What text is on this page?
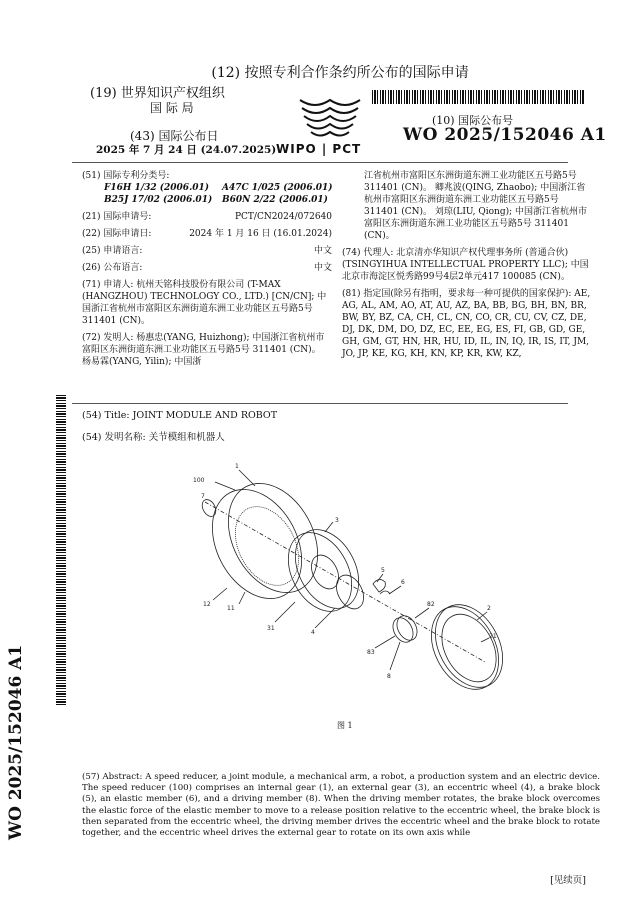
(12) 按照专利合作条约所公布的国际申请
(19) 世界知识产权组织
国 际 局
WIPO | PCT
(10) 国际公布号
WO 2025/152046 A1
(43) 国际公布日
2025 年 7 月 24 日 (24.07.2025)
(51) 国际专利分类号:
F16H 1/32 (2006.01)	A47C 1/025 (2006.01)
B25J 17/02 (2006.01)	B60N 2/22 (2006.01)
(21) 国际申请号:	PCT/CN2024/072640
(22) 国际申请日:	2024 年 1 月 16 日 (16.01.2024)
(25) 申请语言:	中文
(26) 公布语言:	中文
(71) 申请人: 杭州天铭科技股份有限公司 (T-MAX (HANGZHOU) TECHNOLOGY CO., LTD.) [CN/CN]; 中国浙江省杭州市富阳区东洲街道东洲工业功能区五号路5号 311401 (CN)。
(72) 发明人: 杨惠忠(YANG, Huizhong); 中国浙江省杭州市富阳区东洲街道东洲工业功能区五号路5号 311401 (CN)。 杨易霖(YANG, Yilin); 中国浙
江省杭州市富阳区东洲街道东洲工业功能区五号路5号 311401 (CN)。 卿兆波(QING, Zhaobo); 中国浙江省杭州市富阳区东洲街道东洲工业功能区五号路5号 311401 (CN)。 刘琼(LIU, Qiong); 中国浙江省杭州市富阳区东洲街道东洲工业功能区五号路5号 311401 (CN)。
(74) 代理人: 北京清亦华知识产权代理事务所 (普通合伙) (TSINGYIHUA INTELLECTUAL PROPERTY LLC); 中国北京市海淀区悦秀路99号4层2单元417 100085 (CN)。
(81) 指定国(除另有指明，要求每一种可提供的国家保护): AE, AG, AL, AM, AO, AT, AU, AZ, BA, BB, BG, BH, BN, BR, BW, BY, BZ, CA, CH, CL, CN, CO, CR, CU, CV, CZ, DE, DJ, DK, DM, DO, DZ, EC, EE, EG, ES, FI, GB, GD, GE, GH, GM, GT, HN, HR, HU, ID, IL, IN, IQ, IR, IS, IT, JM, JO, JP, KE, KG, KH, KN, KP, KR, KW, KZ,
(54) Title: JOINT MODULE AND ROBOT
(54) 发明名称: 关节模组和机器人
100
1
7
3
12
11
31
4
5
6
82
2
21
83
8
图 1
(57) Abstract: A speed reducer, a joint module, a mechanical arm, a robot, a production system and an electric device. The speed reducer (100) comprises an internal gear (1), an external gear (3), an eccentric wheel (4), a brake block (5), an elastic member (6), and a driving member (8). When the driving member rotates, the brake block overcomes the elastic force of the elastic member to move to a release position relative to the eccentric wheel, the brake block is then separated from the eccentric wheel, the driving member drives the eccentric wheel and the brake block to rotate together, and the eccentric wheel drives the external gear to rotate on its own axis while
WO 2025/152046 A1
[见续页]
